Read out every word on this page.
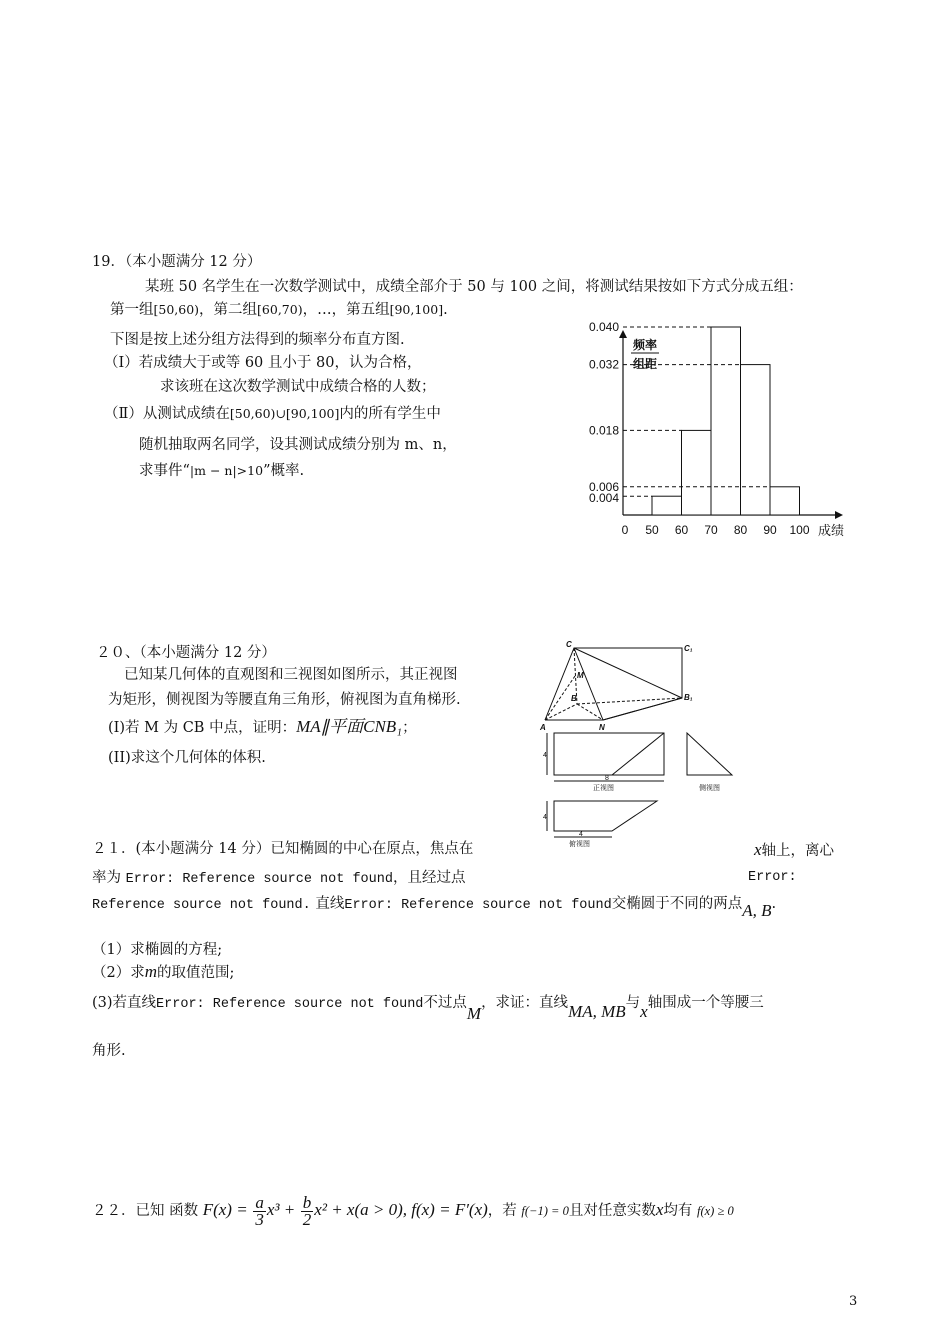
19．（本小题满分 12 分）
某班 50 名学生在一次数学测试中，成绩全部介于 50 与 100 之间，将测试结果按如下方式分成五组：
第一组[50,60)，第二组[60,70)，…，第五组[90,100].
下图是按上述分组方法得到的频率分布直方图.
（Ⅰ）若成绩大于或等 60 且小于 80，认为合格，
求该班在这次数学测试中成绩合格的人数；
（Ⅱ）从测试成绩在[50,60)∪[90,100]内的所有学生中
随机抽取两名同学，设其测试成绩分别为 m、n，
求事件“|m − n|>10”概率.
0.040
0.032
0.018
0.006
0.004
0 50 60 70 80 90 100
频率
组距
成绩
２０、（本小题满分 12 分）
已知某几何体的直观图和三视图如图所示，其正视图
为矩形，侧视图为等腰直角三角形，俯视图为直角梯形.
(I)若 M 为 CB 中点，证明：MA∥平面CNB₁；
(II)求这个几何体的体积.
C	C₁
M
B	B₁
A	N
4
8
正视图	侧视图
4
4
俯视图
２１．(本小题满分 14 分）已知椭圆的中心在原点，焦点在	x轴上，离心
率为 Error: Reference source not found，且经过点	Error:
Reference source not found. 直线Error: Reference source not found交椭圆于不同的两点A, B.
（1）求椭圆的方程;
（2）求m的取值范围;
(3)若直线Error: Reference source not found不过点M，求证：直线MA, MB与x轴围成一个等腰三
角形.
２２．已知 函数 $F(x) = \frac{a}{3} x^3 + \frac{b}{2} x^2 + x(a > 0)$, f(x) = F′(x)，若 f(−1) = 0且对任意实数x均有 f(x) ≥ 0
3
